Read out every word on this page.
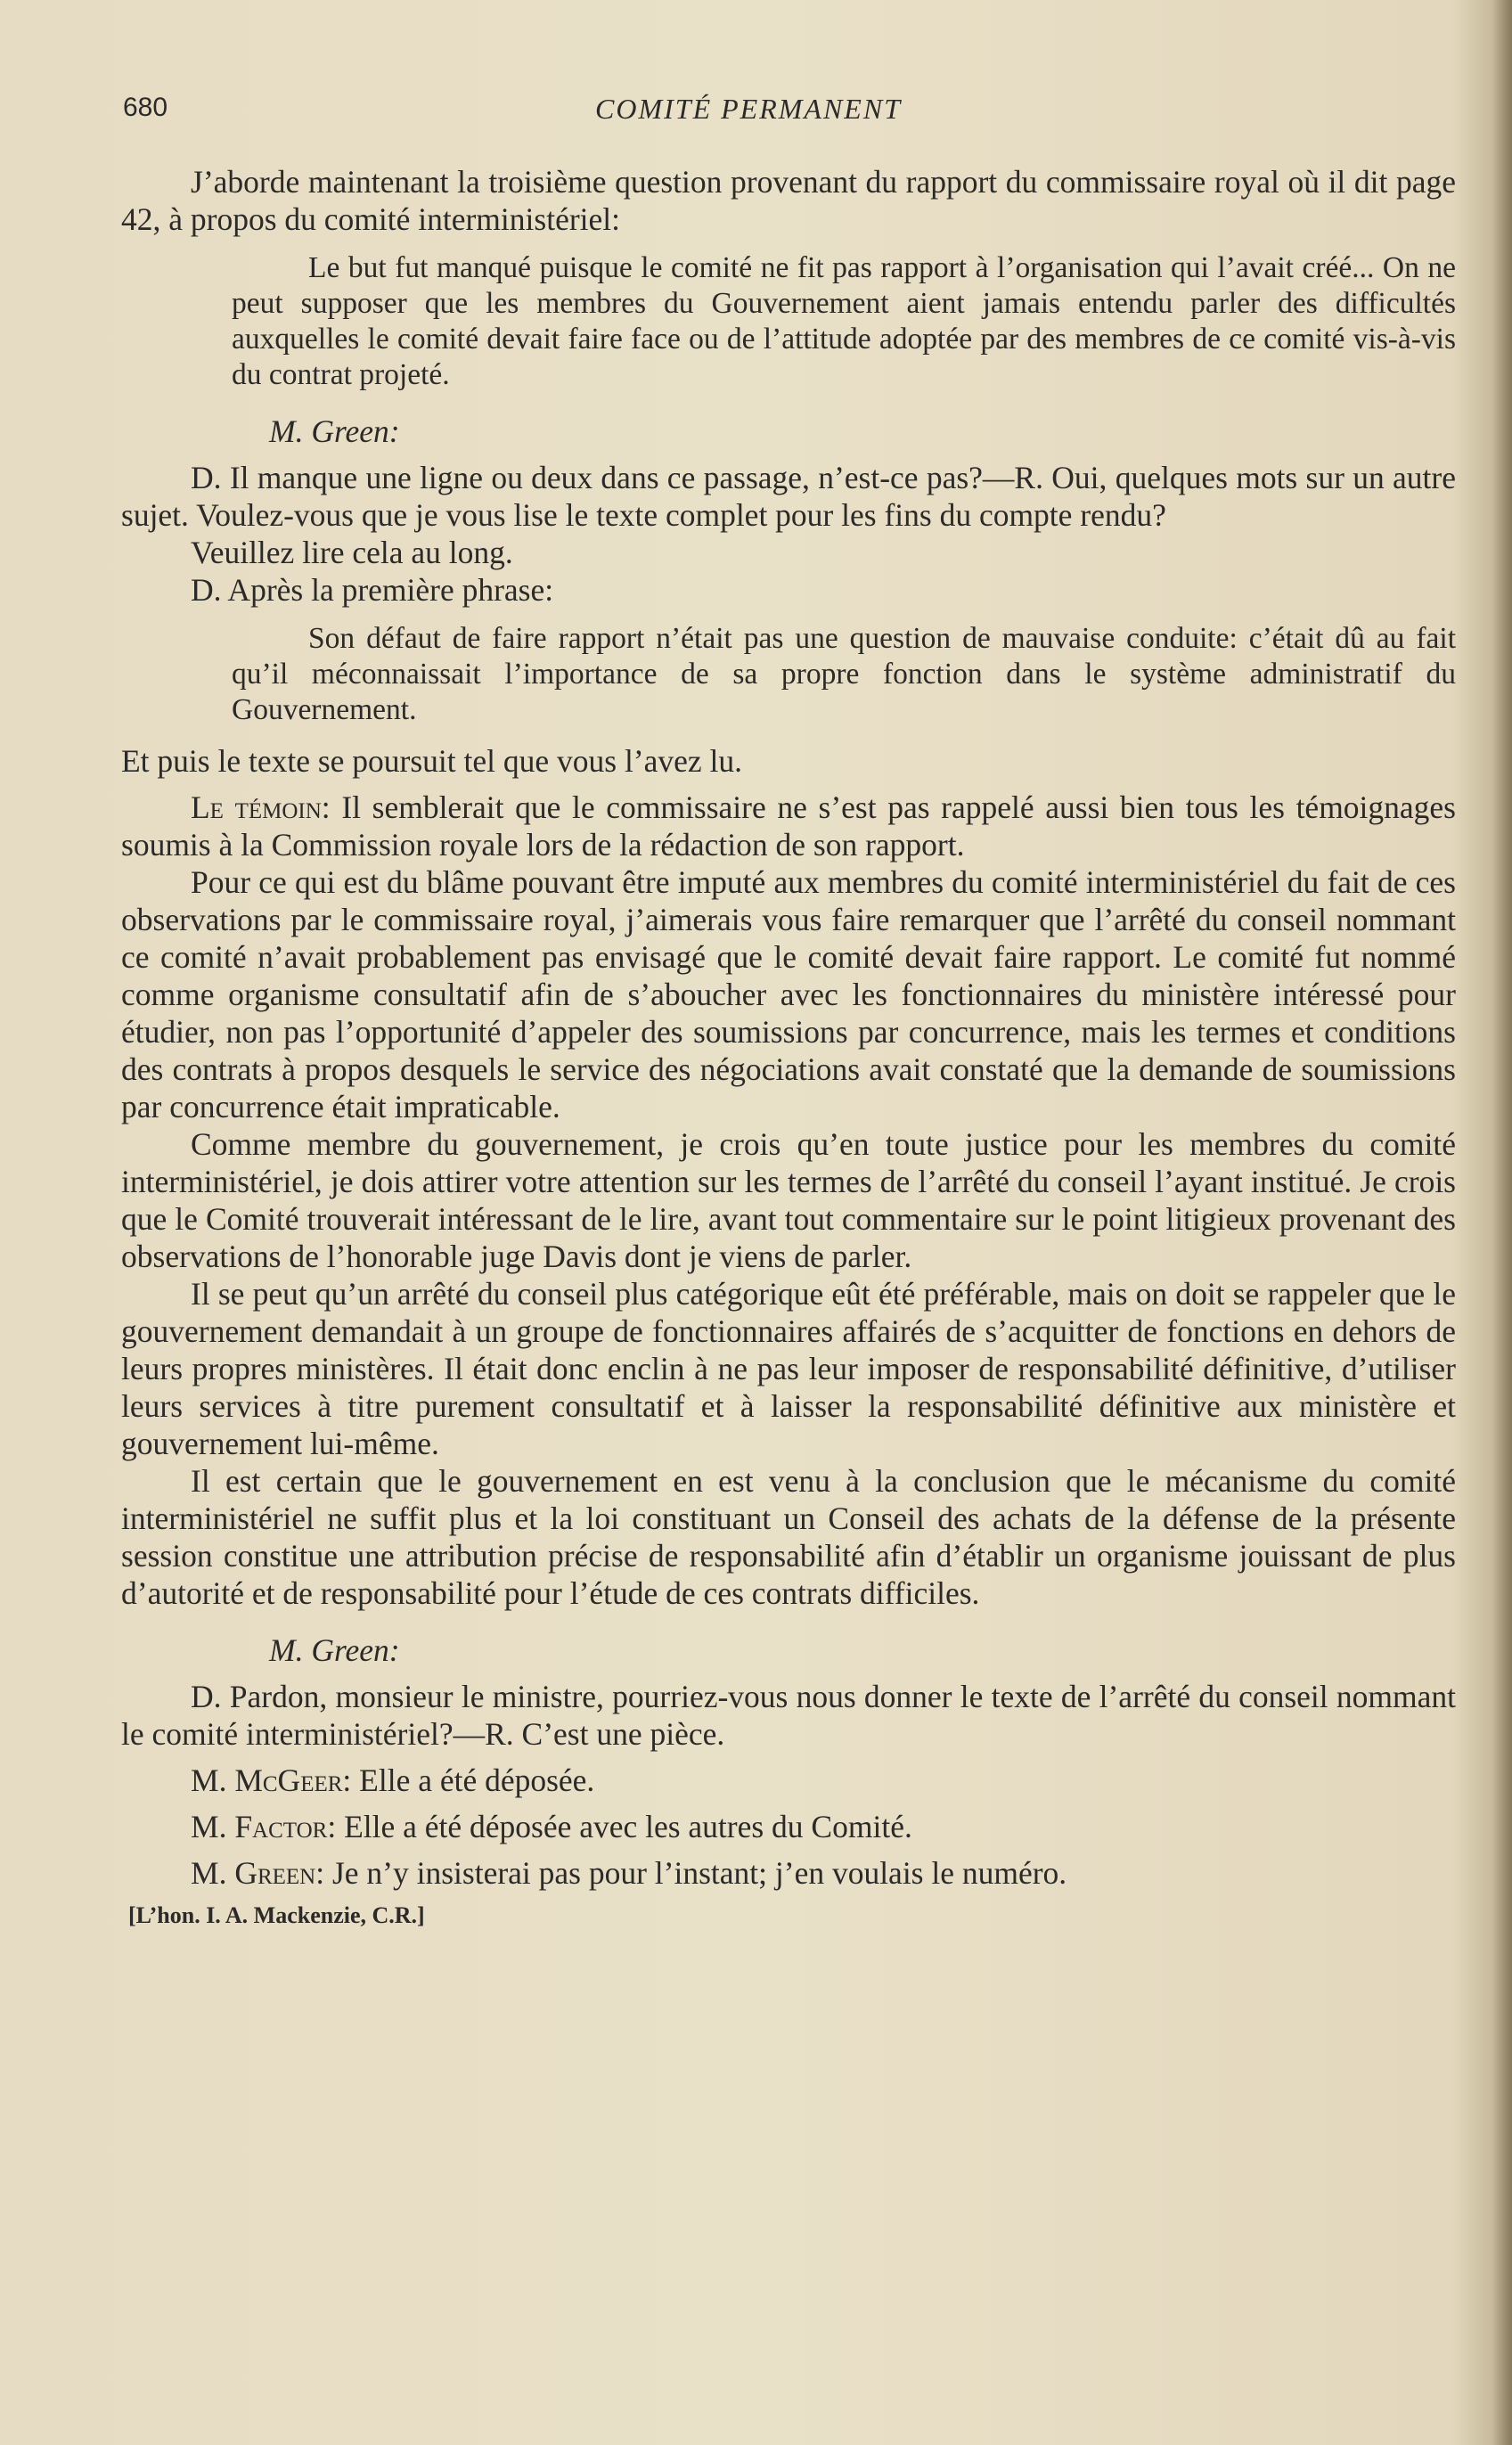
680	COMITÉ PERMANENT

J’aborde maintenant la troisième question provenant du rapport du commissaire royal où il dit page 42, à propos du comité interministériel:

Le but fut manqué puisque le comité ne fit pas rapport à l’organisation qui l’avait créé... On ne peut supposer que les membres du Gouvernement aient jamais entendu parler des difficultés auxquelles le comité devait faire face ou de l’attitude adoptée par des membres de ce comité vis-à-vis du contrat projeté.

M. Green:

D. Il manque une ligne ou deux dans ce passage, n’est-ce pas?—R. Oui, quelques mots sur un autre sujet. Voulez-vous que je vous lise le texte complet pour les fins du compte rendu?

Veuillez lire cela au long.

D. Après la première phrase:

Son défaut de faire rapport n’était pas une question de mauvaise conduite: c’était dû au fait qu’il méconnaissait l’importance de sa propre fonction dans le système administratif du Gouvernement.

Et puis le texte se poursuit tel que vous l’avez lu.

Le témoin: Il semblerait que le commissaire ne s’est pas rappelé aussi bien tous les témoignages soumis à la Commission royale lors de la rédaction de son rapport.

Pour ce qui est du blâme pouvant être imputé aux membres du comité interministériel du fait de ces observations par le commissaire royal, j’aimerais vous faire remarquer que l’arrêté du conseil nommant ce comité n’avait probablement pas envisagé que le comité devait faire rapport. Le comité fut nommé comme organisme consultatif afin de s’aboucher avec les fonctionnaires du ministère intéressé pour étudier, non pas l’opportunité d’appeler des soumissions par concurrence, mais les termes et conditions des contrats à propos desquels le service des négociations avait constaté que la demande de soumissions par concurrence était impraticable.

Comme membre du gouvernement, je crois qu’en toute justice pour les membres du comité interministériel, je dois attirer votre attention sur les termes de l’arrêté du conseil l’ayant institué. Je crois que le Comité trouverait intéressant de le lire, avant tout commentaire sur le point litigieux provenant des observations de l’honorable juge Davis dont je viens de parler.

Il se peut qu’un arrêté du conseil plus catégorique eût été préférable, mais on doit se rappeler que le gouvernement demandait à un groupe de fonctionnaires affairés de s’acquitter de fonctions en dehors de leurs propres ministères. Il était donc enclin à ne pas leur imposer de responsabilité définitive, d’utiliser leurs services à titre purement consultatif et à laisser la responsabilité définitive aux ministère et gouvernement lui-même.

Il est certain que le gouvernement en est venu à la conclusion que le mécanisme du comité interministériel ne suffit plus et la loi constituant un Conseil des achats de la défense de la présente session constitue une attribution précise de responsabilité afin d’établir un organisme jouissant de plus d’autorité et de responsabilité pour l’étude de ces contrats difficiles.

M. Green:

D. Pardon, monsieur le ministre, pourriez-vous nous donner le texte de l’arrêté du conseil nommant le comité interministériel?—R. C’est une pièce.

M. McGeer: Elle a été déposée.

M. Factor: Elle a été déposée avec les autres du Comité.

M. Green: Je n’y insisterai pas pour l’instant; j’en voulais le numéro.

[L’hon. I. A. Mackenzie, C.R.]
